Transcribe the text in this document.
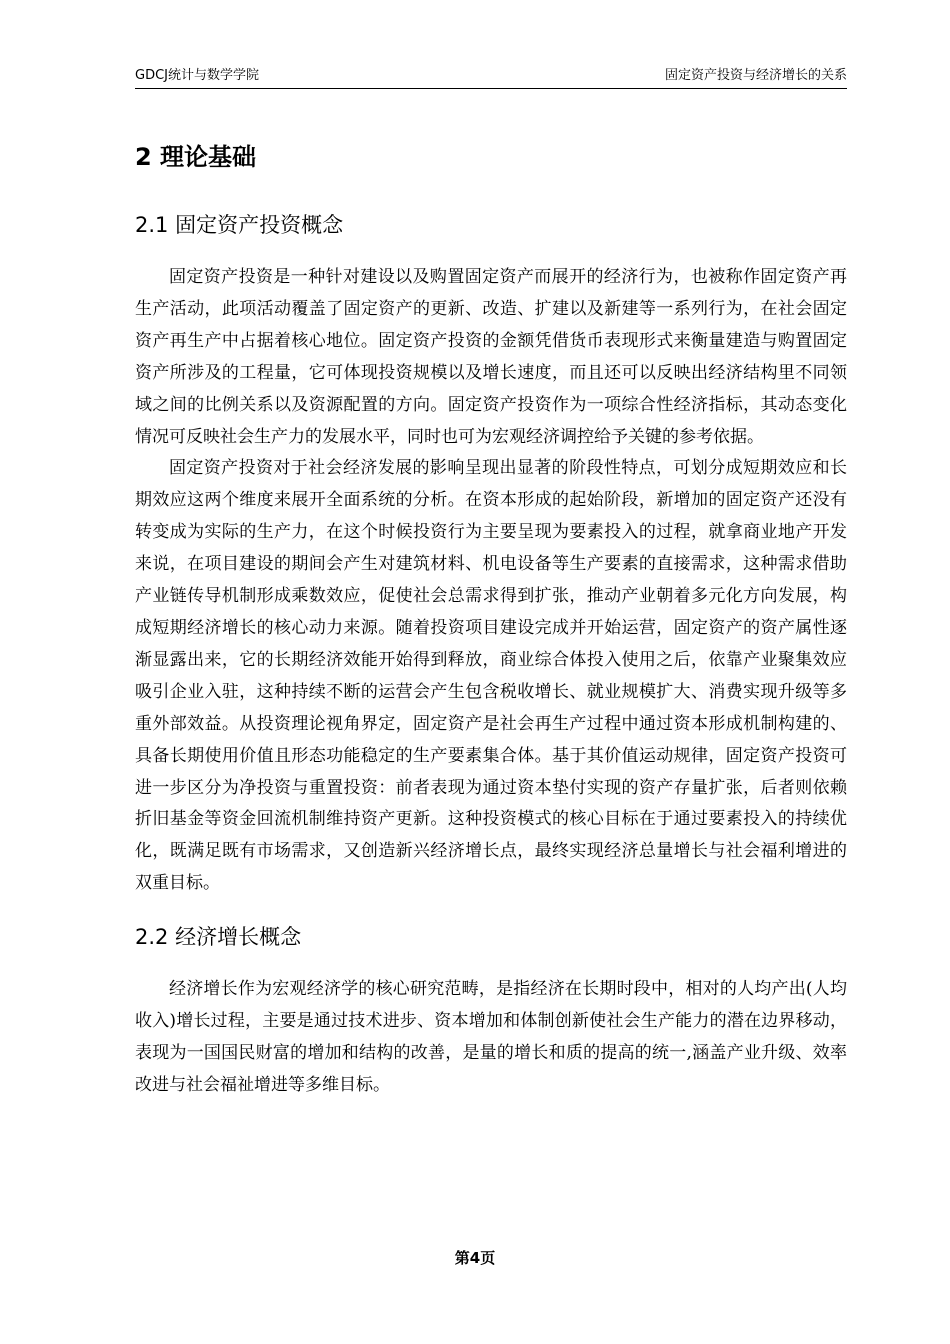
GDCJ统计与数学学院	固定资产投资与经济增长的关系
2 理论基础
2.1 固定资产投资概念

固定资产投资是一种针对建设以及购置固定资产而展开的经济行为，也被称作固定资产再生产活动，此项活动覆盖了固定资产的更新、改造、扩建以及新建等一系列行为，在社会固定资产再生产中占据着核心地位。固定资产投资的金额凭借货币表现形式来衡量建造与购置固定资产所涉及的工程量，它可体现投资规模以及增长速度，而且还可以反映出经济结构里不同领域之间的比例关系以及资源配置的方向。固定资产投资作为一项综合性经济指标，其动态变化情况可反映社会生产力的发展水平，同时也可为宏观经济调控给予关键的参考依据。

固定资产投资对于社会经济发展的影响呈现出显著的阶段性特点，可划分成短期效应和长期效应这两个维度来展开全面系统的分析。在资本形成的起始阶段，新增加的固定资产还没有转变成为实际的生产力，在这个时候投资行为主要呈现为要素投入的过程，就拿商业地产开发来说，在项目建设的期间会产生对建筑材料、机电设备等生产要素的直接需求，这种需求借助产业链传导机制形成乘数效应，促使社会总需求得到扩张，推动产业朝着多元化方向发展，构成短期经济增长的核心动力来源。随着投资项目建设完成并开始运营，固定资产的资产属性逐渐显露出来，它的长期经济效能开始得到释放，商业综合体投入使用之后，依靠产业聚集效应吸引企业入驻，这种持续不断的运营会产生包含税收增长、就业规模扩大、消费实现升级等多重外部效益。从投资理论视角界定，固定资产是社会再生产过程中通过资本形成机制构建的、具备长期使用价值且形态功能稳定的生产要素集合体。基于其价值运动规律，固定资产投资可进一步区分为净投资与重置投资：前者表现为通过资本垫付实现的资产存量扩张，后者则依赖折旧基金等资金回流机制维持资产更新。这种投资模式的核心目标在于通过要素投入的持续优化，既满足既有市场需求，又创造新兴经济增长点，最终实现经济总量增长与社会福利增进的双重目标。

2.2 经济增长概念

经济增长作为宏观经济学的核心研究范畴，是指经济在长期时段中，相对的人均产出(人均收入)增长过程，主要是通过技术进步、资本增加和体制创新使社会生产能力的潜在边界移动，表现为一国国民财富的增加和结构的改善，是量的增长和质的提高的统一,涵盖产业升级、效率改进与社会福祉增进等多维目标。

第4页
